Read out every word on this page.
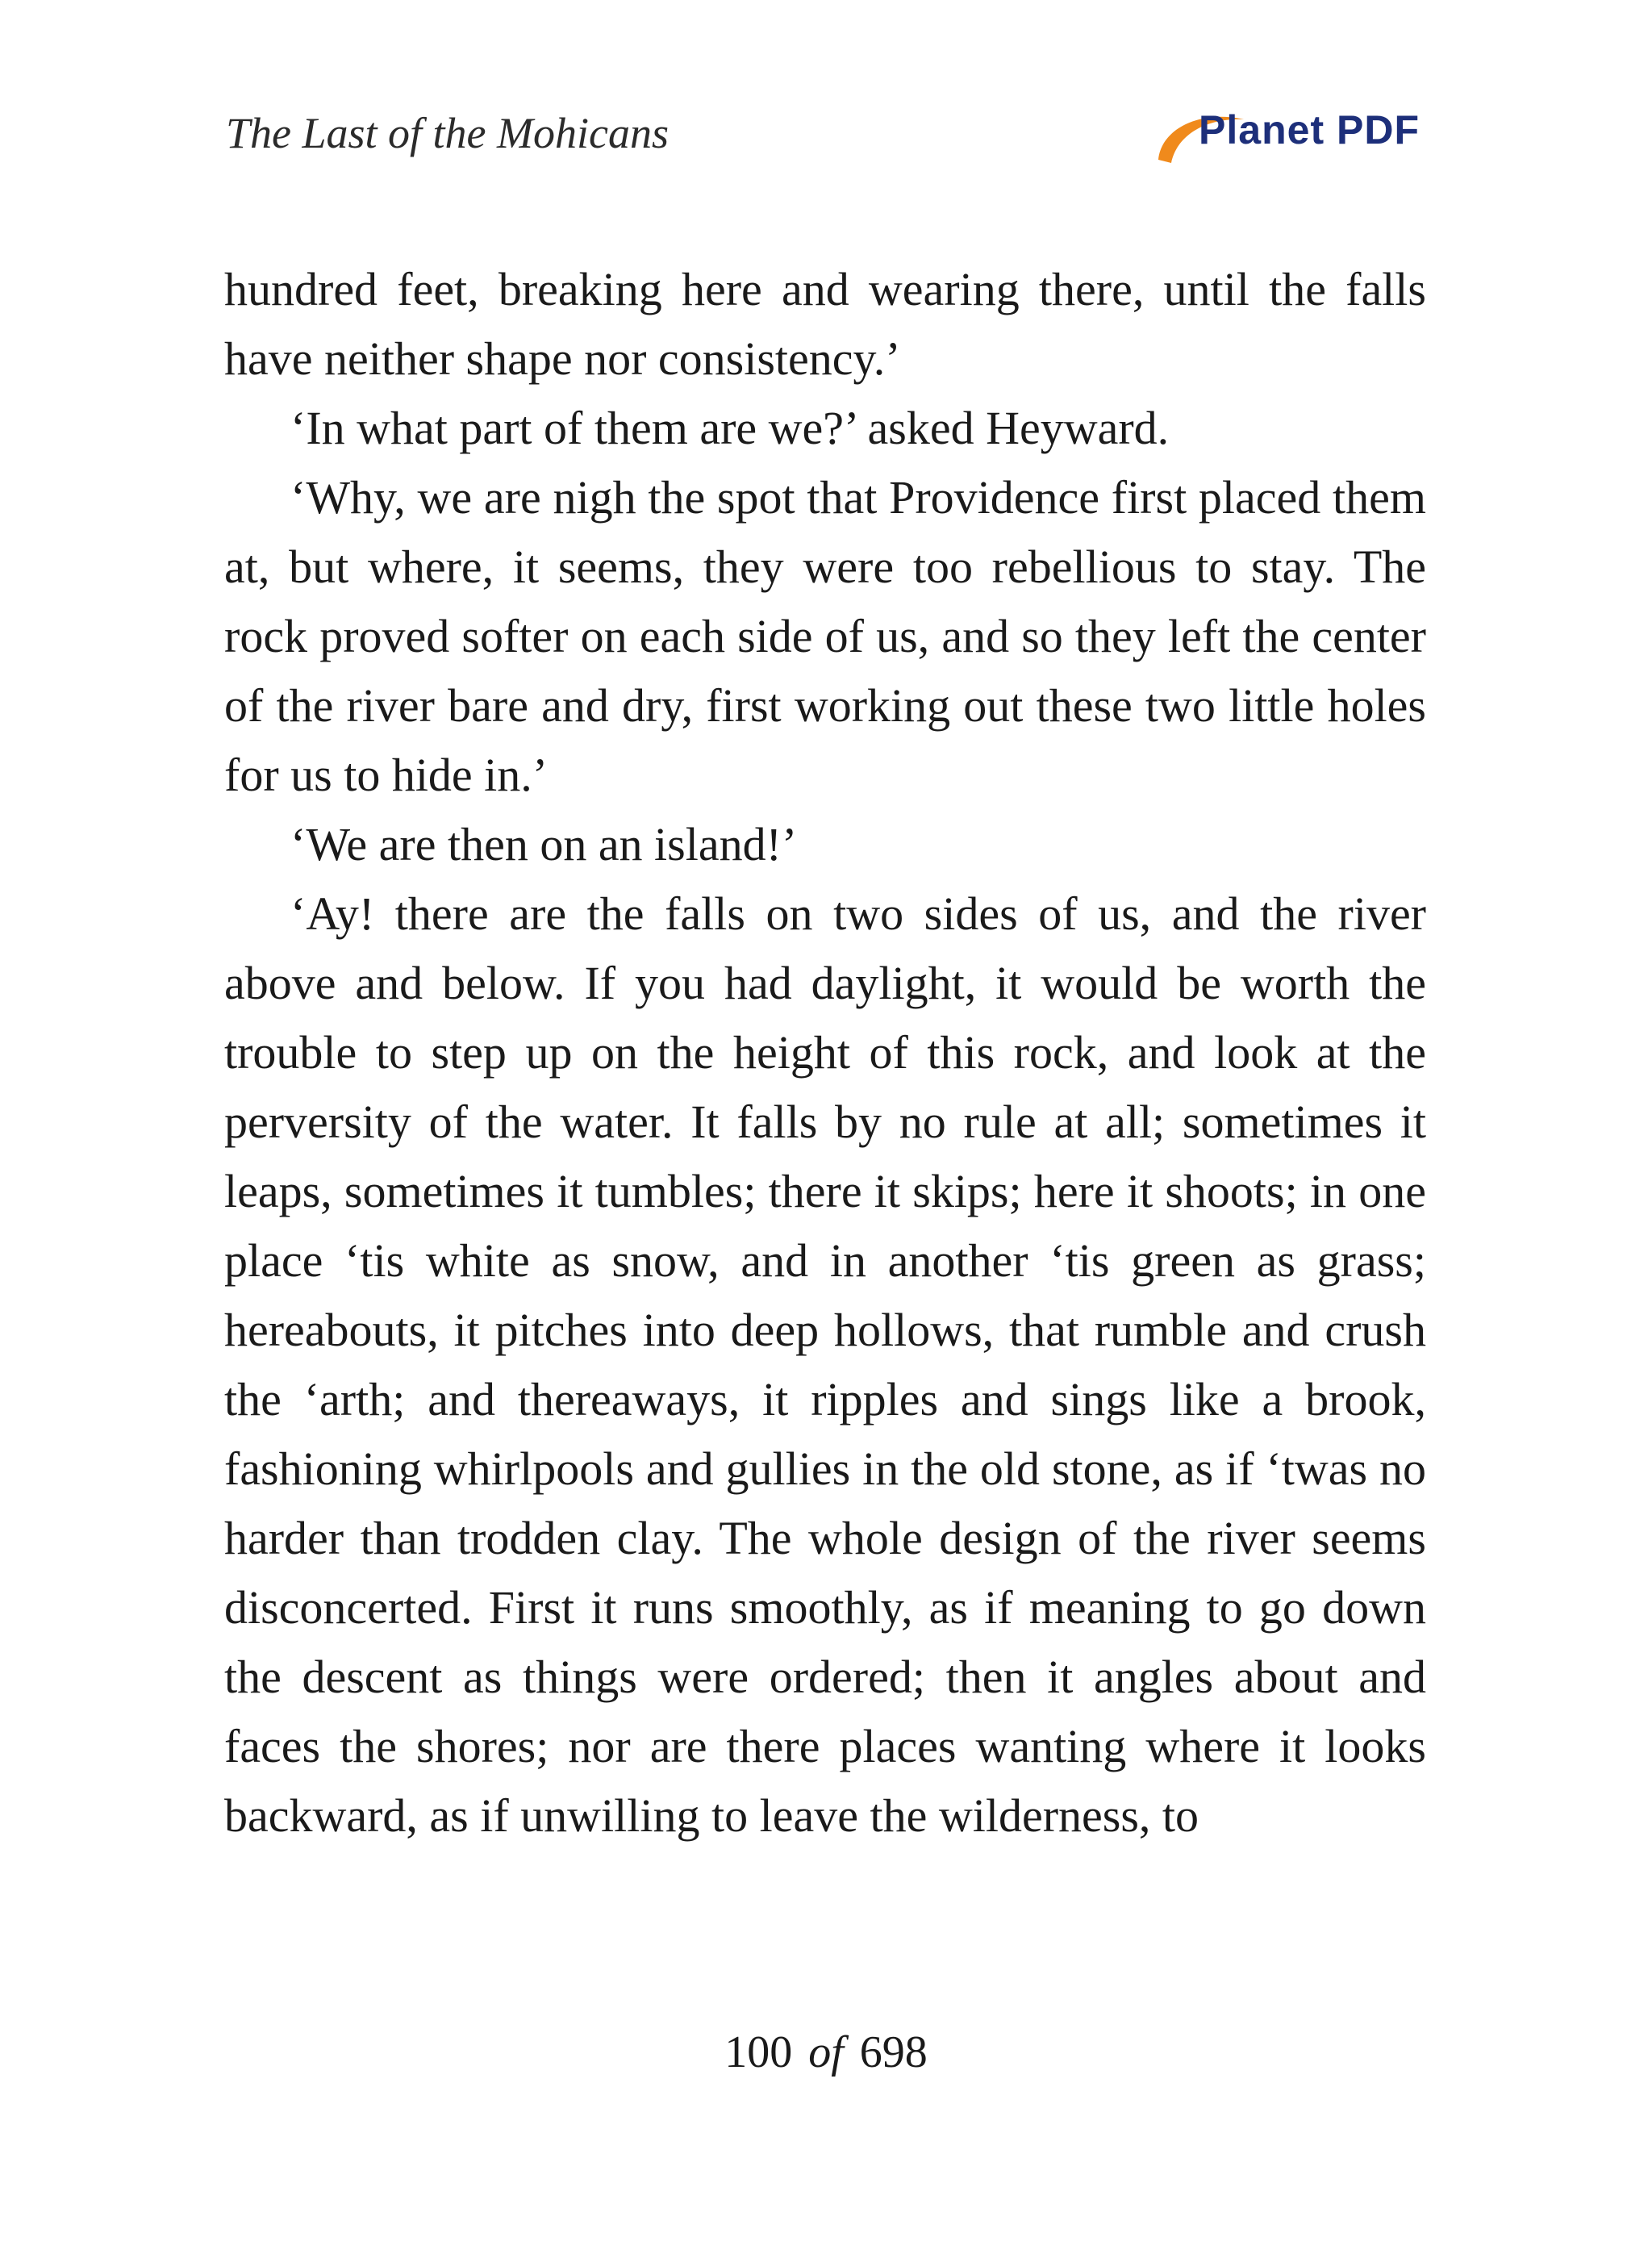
The Last of the Mohicans	Planet PDF

hundred feet, breaking here and wearing there, until the falls have neither shape nor consistency.’

‘In what part of them are we?’ asked Heyward.

‘Why, we are nigh the spot that Providence first placed them at, but where, it seems, they were too rebellious to stay. The rock proved softer on each side of us, and so they left the center of the river bare and dry, first working out these two little holes for us to hide in.’

‘We are then on an island!’

‘Ay! there are the falls on two sides of us, and the river above and below. If you had daylight, it would be worth the trouble to step up on the height of this rock, and look at the perversity of the water. It falls by no rule at all; sometimes it leaps, sometimes it tumbles; there it skips; here it shoots; in one place ‘tis white as snow, and in another ‘tis green as grass; hereabouts, it pitches into deep hollows, that rumble and crush the ‘arth; and thereaways, it ripples and sings like a brook, fashioning whirlpools and gullies in the old stone, as if ‘twas no harder than trodden clay. The whole design of the river seems disconcerted. First it runs smoothly, as if meaning to go down the descent as things were ordered; then it angles about and faces the shores; nor are there places wanting where it looks backward, as if unwilling to leave the wilderness, to

100 of 698
